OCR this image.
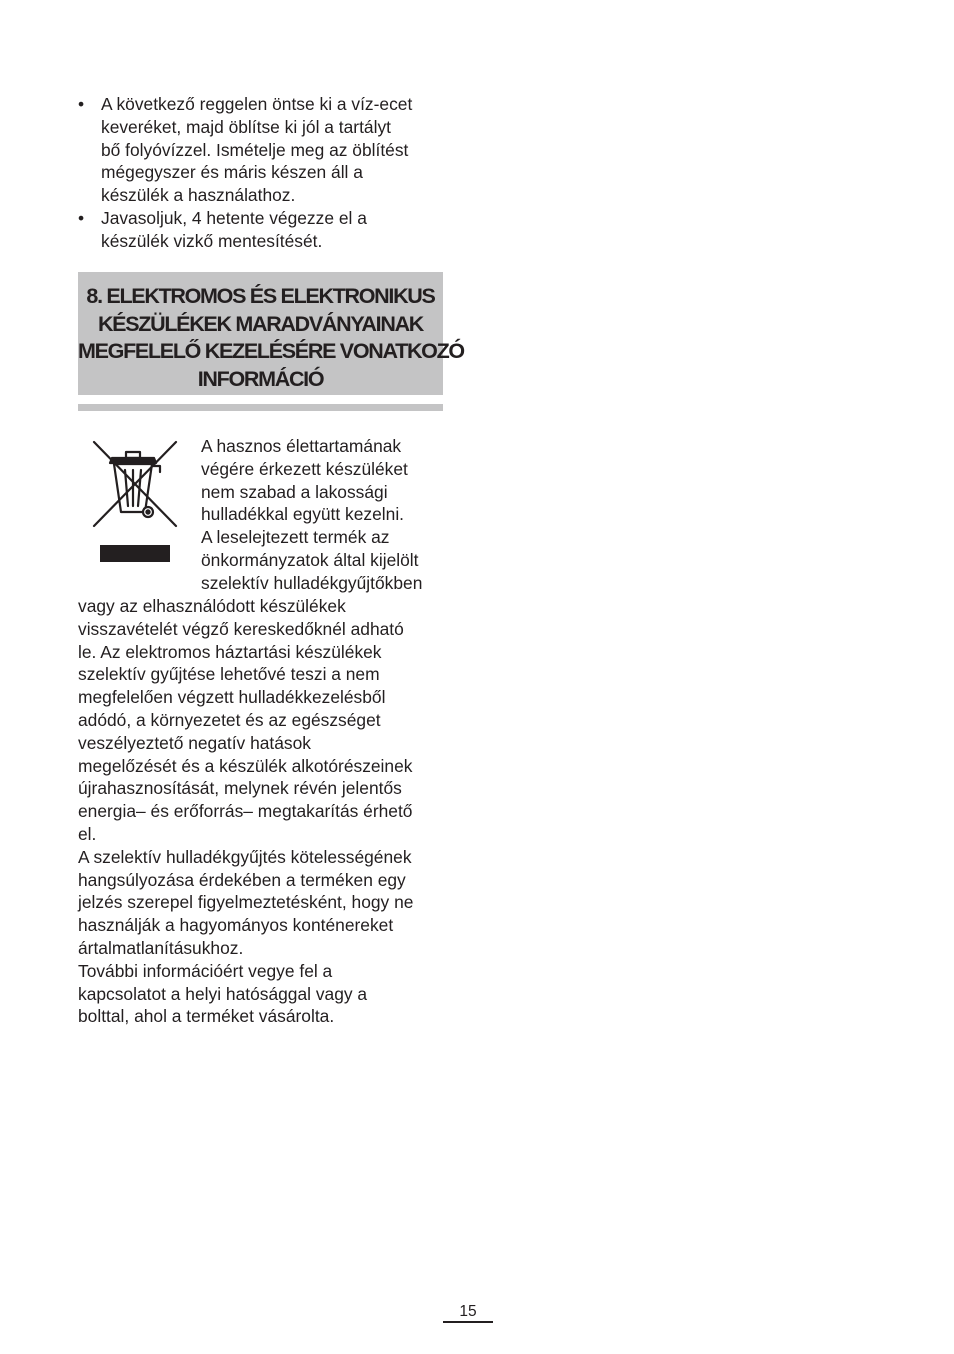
• A következő reggelen öntse ki a víz-ecet
keveréket, majd öblítse ki jól a tartályt
bő folyóvízzel. Ismételje meg az öblítést
mégegyszer és máris készen áll a
készülék a használathoz.
• Javasoljuk, 4 hetente végezze el a
készülék vizkő mentesítését.
8. ELEKTROMOS ÉS ELEKTRONIKUS
KÉSZÜLÉKEK MARADVÁNYAINAK
MEGFELELŐ KEZELÉSÉRE VONATKOZÓ
INFORMÁCIÓ
A hasznos élettartamának
végére érkezett készüléket
nem szabad a lakossági
hulladékkal együtt kezelni.
A leselejtezett termék az
önkormányzatok által kijelölt
szelektív hulladékgyűjtőkben
vagy az elhasználódott készülékek
visszavételét végző kereskedőknél adható
le. Az elektromos háztartási készülékek
szelektív gyűjtése lehetővé teszi a nem
megfelelően végzett hulladékkezelésből
adódó, a környezetet és az egészséget
veszélyeztető negatív hatások
megelőzését és a készülék alkotórészeinek
újrahasznosítását, melynek révén jelentős
energia– és erőforrás– megtakarítás érhető
el.
A szelektív hulladékgyűjtés kötelességének
hangsúlyozása érdekében a terméken egy
jelzés szerepel figyelmeztetésként, hogy ne
használják a hagyományos konténereket
ártalmatlanításukhoz.
További információért vegye fel a
kapcsolatot a helyi hatósággal vagy a
bolttal, ahol a terméket vásárolta.
15
